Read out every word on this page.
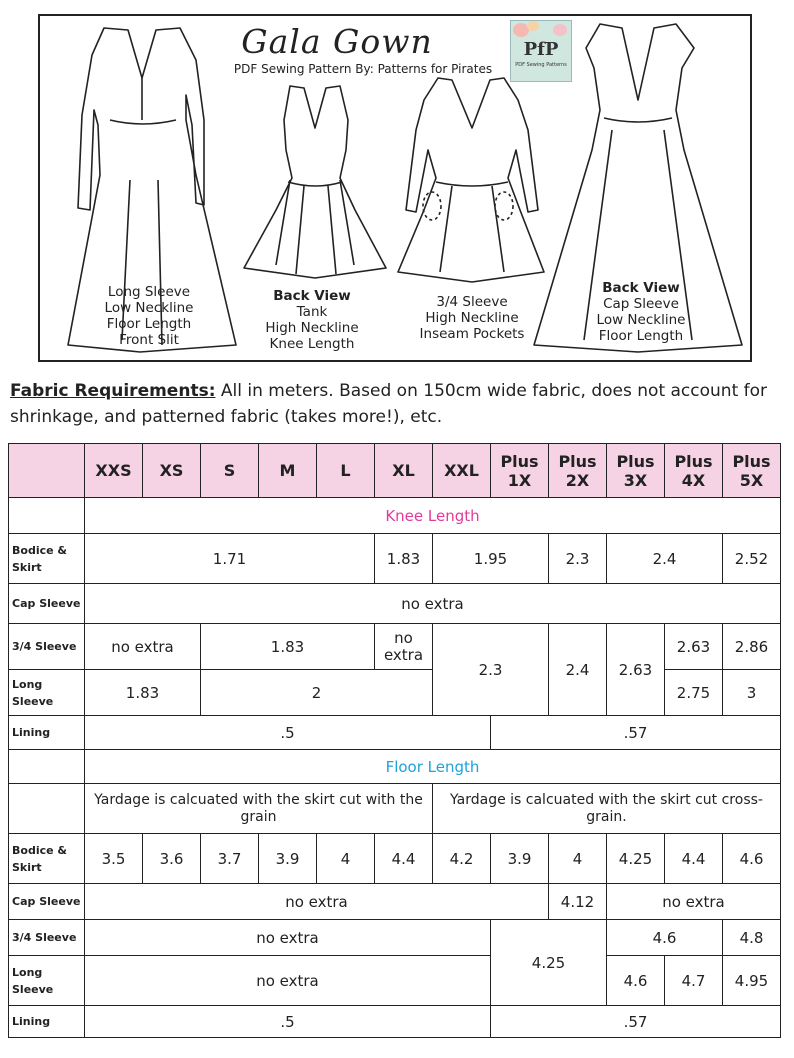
Gala Gown
PDF Sewing Pattern By: Patterns for Pirates
PfP
PDF Sewing Patterns
Long Sleeve
Low Neckline
Floor Length
Front Slit
Back View
Tank
High Neckline
Knee Length
3/4 Sleeve
High Neckline
Inseam Pockets
Back View
Cap Sleeve
Low Neckline
Floor Length
Fabric Requirements: All in meters. Based on 150cm wide fabric, does not account for shrinkage, and patterned fabric (takes more!), etc.
	XXS	XS	S	M	L	XL	XXL	Plus 1X	Plus 2X	Plus 3X	Plus 4X	Plus 5X
	Knee Length											
Bodice & Skirt	1.71					1.83	1.95		2.3	2.4		2.52
Cap Sleeve	no extra											
3/4 Sleeve	no extra		1.83			no extra	2.3		2.4	2.63	2.63	2.86
Long Sleeve	1.83		2								2.75	3
Lining	.5							.57				
	Floor Length											
	Yardage is calcuated with the skirt cut with the grain						Yardage is calcuated with the skirt cut cross-grain.					
Bodice & Skirt	3.5	3.6	3.7	3.9	4	4.4	4.2	3.9	4	4.25	4.4	4.6
Cap Sleeve	no extra								4.12	no extra		
3/4 Sleeve	no extra							4.25		4.6		4.8
Long Sleeve	no extra									4.6	4.7	4.95
Lining	.5							.57				
